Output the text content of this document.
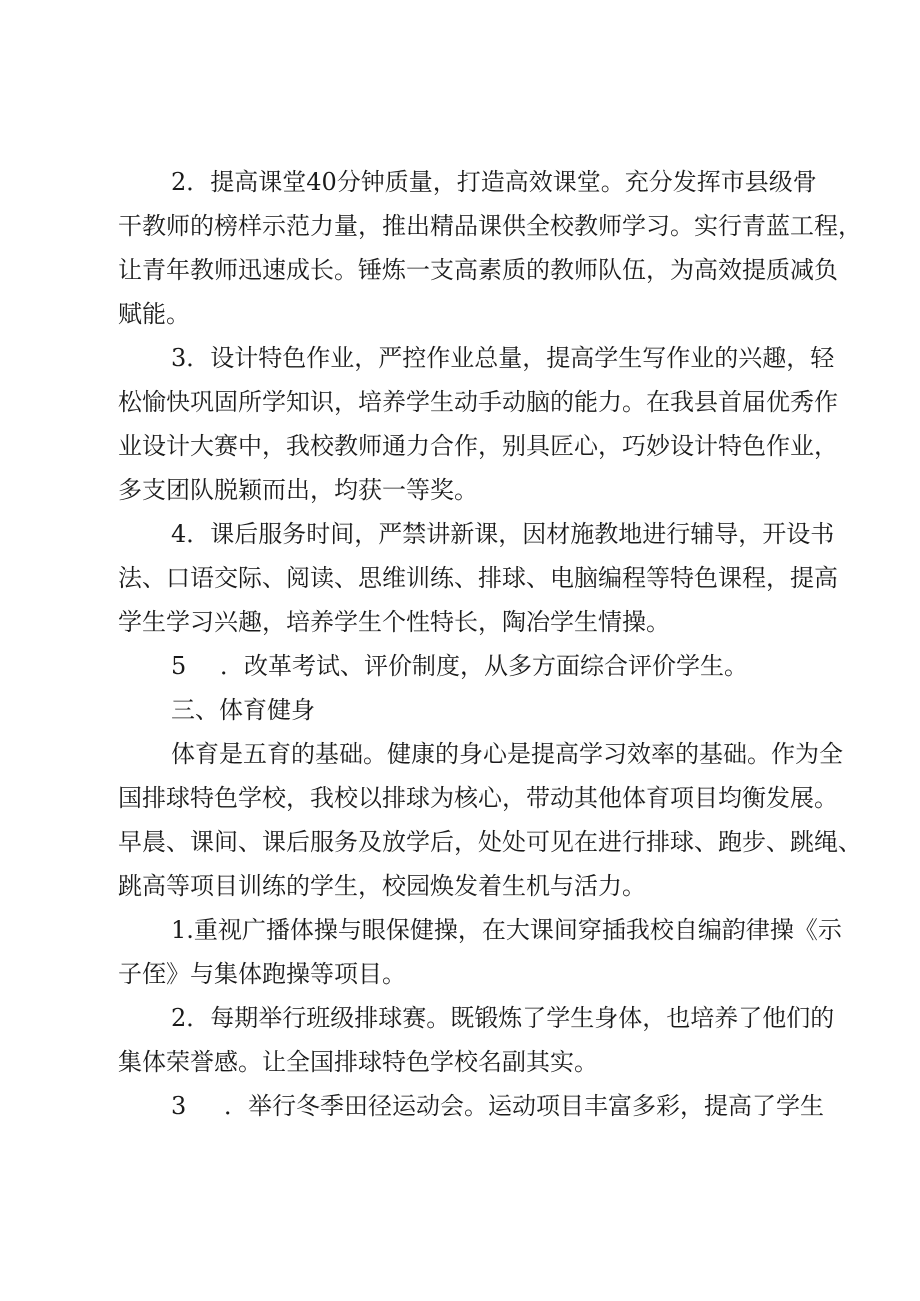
2．提高课堂40分钟质量，打造高效课堂。充分发挥市县级骨

干教师的榜样示范力量，推出精品课供全校教师学习。实行青蓝工程，

让青年教师迅速成长。锤炼一支高素质的教师队伍，为高效提质减负

赋能。

3．设计特色作业，严控作业总量，提高学生写作业的兴趣，轻

松愉快巩固所学知识，培养学生动手动脑的能力。在我县首届优秀作

业设计大赛中，我校教师通力合作，别具匠心，巧妙设计特色作业，

多支团队脱颖而出，均获一等奖。

4．课后服务时间，严禁讲新课，因材施教地进行辅导，开设书

法、口语交际、阅读、思维训练、排球、电脑编程等特色课程，提高

学生学习兴趣，培养学生个性特长，陶冶学生情操。

5

．改革考试、评价制度，从多方面综合评价学生。

三、体育健身

体育是五育的基础。健康的身心是提高学习效率的基础。作为全

国排球特色学校，我校以排球为核心，带动其他体育项目均衡发展。

早晨、课间、课后服务及放学后，处处可见在进行排球、跑步、跳绳、

跳高等项目训练的学生，校园焕发着生机与活力。

1.重视广播体操与眼保健操，在大课间穿插我校自编韵律操《示

子侄》与集体跑操等项目。

2．每期举行班级排球赛。既锻炼了学生身体，也培养了他们的

集体荣誉感。让全国排球特色学校名副其实。

3

．举行冬季田径运动会。运动项目丰富多彩，提高了学生
